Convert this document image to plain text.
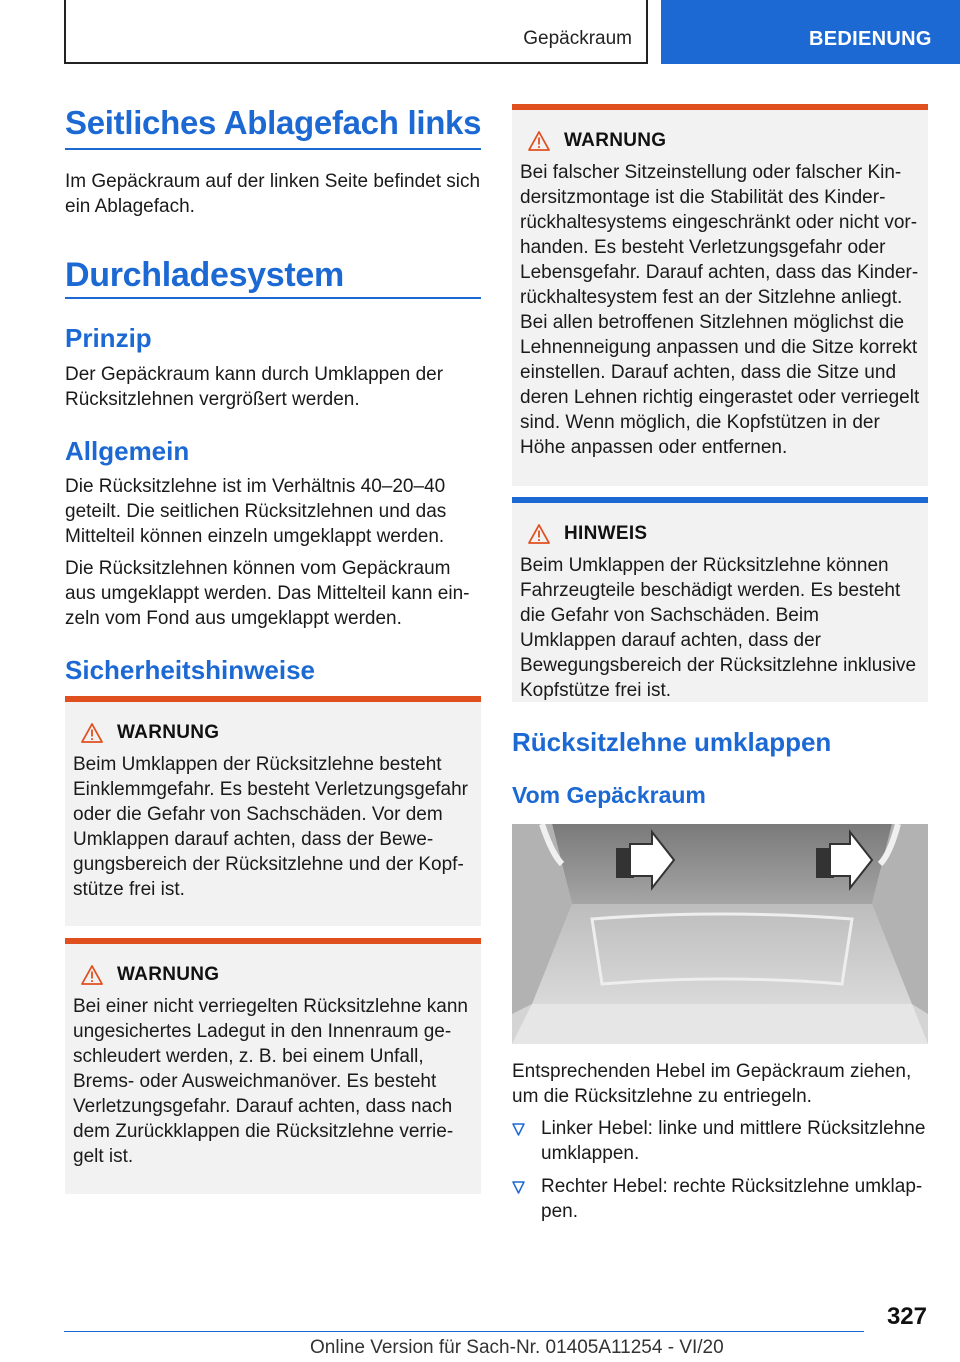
Gepäckraum	BEDIENUNG
Seitliches Ablagefach links

Im Gepäckraum auf der linken Seite befindet sich ein Ablagefach.

Durchladesystem
Prinzip

Der Gepäckraum kann durch Umklappen der Rücksitzlehnen vergrößert werden.

Allgemein

Die Rücksitzlehne ist im Verhältnis 40–20–40 geteilt. Die seitlichen Rücksitzlehnen und das Mittelteil können einzeln umgeklappt werden.

Die Rücksitzlehnen können vom Gepäckraum aus umgeklappt werden. Das Mittelteil kann ein‐zeln vom Fond aus umgeklappt werden.

Sicherheitshinweise
WARNUNG
Beim Umklappen der Rücksitzlehne besteht Einklemmgefahr. Es besteht Verletzungsgefahr oder die Gefahr von Sachschäden. Vor dem Umklappen darauf achten, dass der Bewe‐gungsbereich der Rücksitzlehne und der Kopf‐stütze frei ist.
WARNUNG
Bei einer nicht verriegelten Rücksitzlehne kann ungesichertes Ladegut in den Innenraum ge‐schleudert werden, z. B. bei einem Unfall, Brems- oder Ausweichmanöver. Es besteht Verletzungsgefahr. Darauf achten, dass nach dem Zurückklappen die Rücksitzlehne verrie‐gelt ist.
WARNUNG
Bei falscher Sitzeinstellung oder falscher Kin‐dersitzmontage ist die Stabilität des Kinder‐rückhaltesystems eingeschränkt oder nicht vor‐handen. Es besteht Verletzungsgefahr oder Lebensgefahr. Darauf achten, dass das Kinder‐rückhaltesystem fest an der Sitzlehne anliegt. Bei allen betroffenen Sitzlehnen möglichst die Lehnenneigung anpassen und die Sitze korrekt einstellen. Darauf achten, dass die Sitze und deren Lehnen richtig eingerastet oder verriegelt sind. Wenn möglich, die Kopfstützen in der Höhe anpassen oder entfernen.
HINWEIS
Beim Umklappen der Rücksitzlehne können Fahrzeugteile beschädigt werden. Es besteht die Gefahr von Sachschäden. Beim Umklappen darauf achten, dass der Bewegungsbereich der Rücksitzlehne inklusive Kopfstütze frei ist.
Rücksitzlehne umklappen
Vom Gepäckraum

Entsprechenden Hebel im Gepäckraum ziehen, um die Rücksitzlehne zu entriegeln.

Linker Hebel: linke und mittlere Rücksitzlehne umklappen.
Rechter Hebel: rechte Rücksitzlehne umklap‐pen.
327
Online Version für Sach-Nr. 01405A11254 - VI/20
